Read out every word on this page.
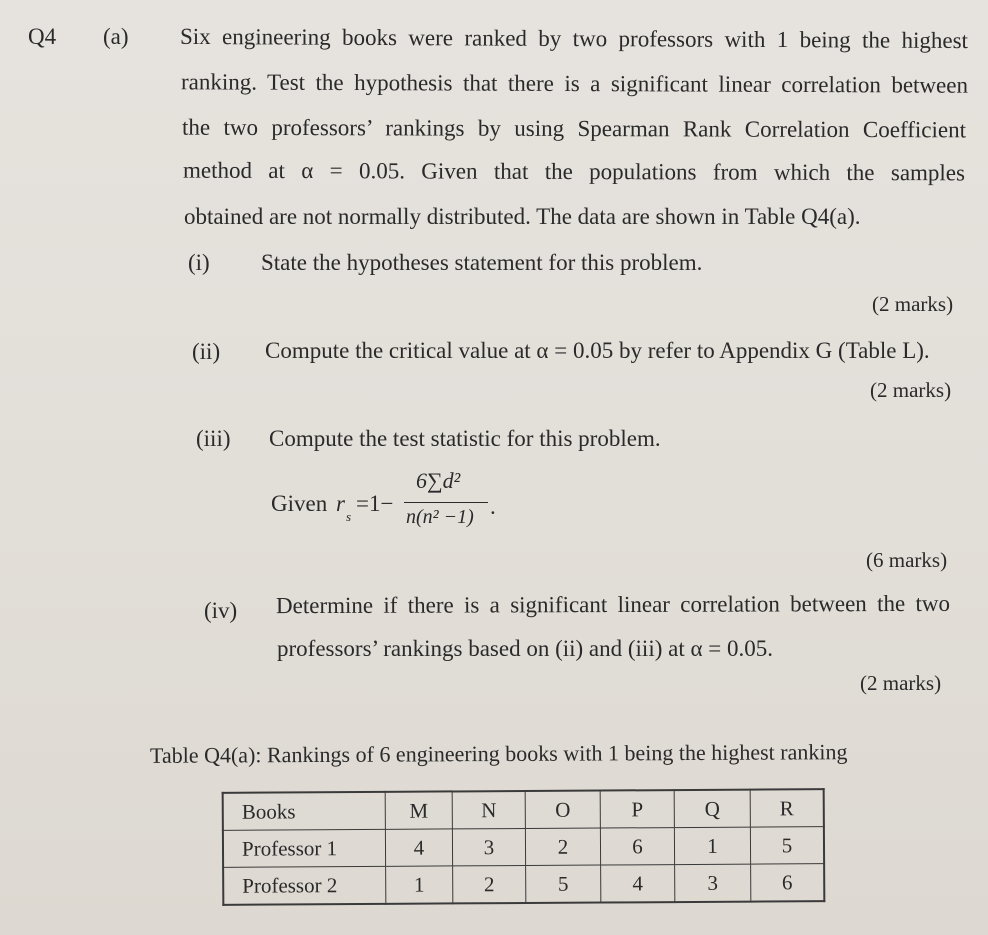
Q4 (a) Six engineering books were ranked by two professors with 1 being the highest
ranking. Test the hypothesis that there is a significant linear correlation between
the two professors’ rankings by using Spearman Rank Correlation Coefficient
method at α = 0.05. Given that the populations from which the samples
obtained are not normally distributed. The data are shown in Table Q4(a).
(i) State the hypotheses statement for this problem.
(2 marks)
(ii) Compute the critical value at α = 0.05 by refer to Appendix G (Table L).
(2 marks)
(iii) Compute the test statistic for this problem.
Given r
s
=1−
6∑d²
n(n² −1) .
(6 marks)
(iv) Determine if there is a significant linear correlation between the two
professors’ rankings based on (ii) and (iii) at α = 0.05.
(2 marks)
Table Q4(a): Rankings of 6 engineering books with 1 being the highest ranking
Books	M	N	O	P	Q	R
Professor 1	4	3	2	6	1	5
Professor 2	1	2	5	4	3	6
